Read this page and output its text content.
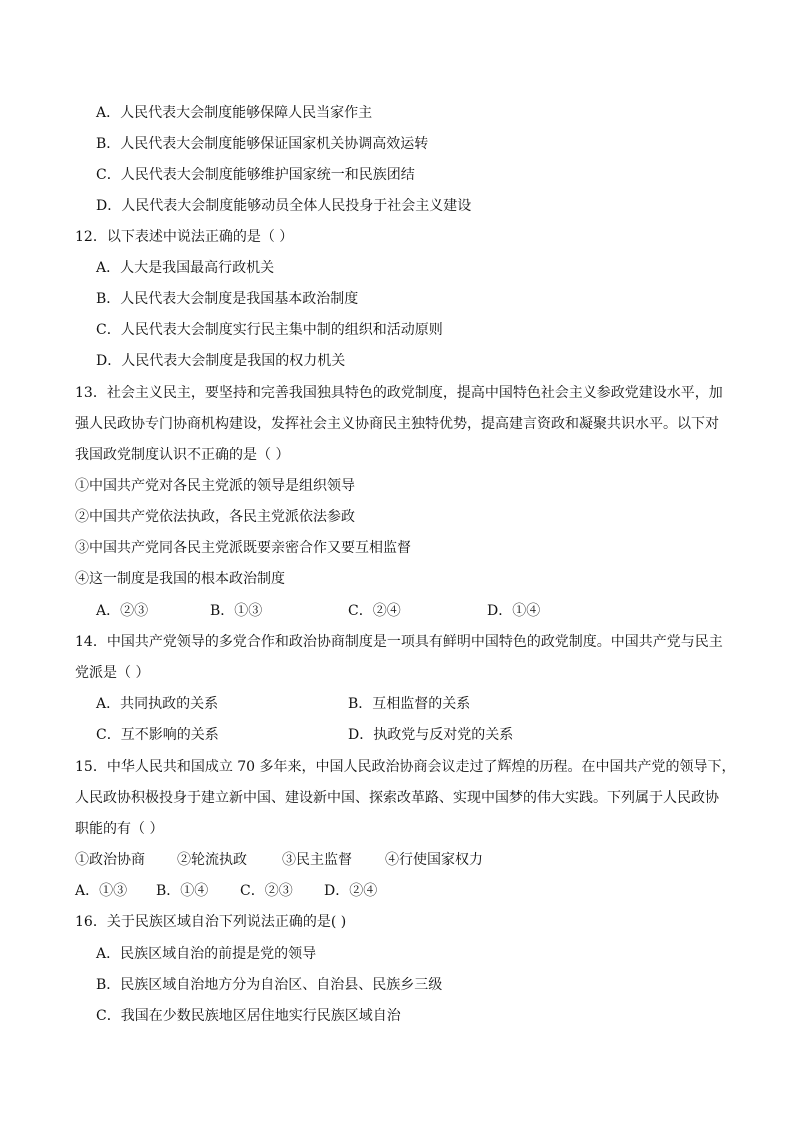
A．人民代表大会制度能够保障人民当家作主
B．人民代表大会制度能够保证国家机关协调高效运转
C．人民代表大会制度能够维护国家统一和民族团结
D．人民代表大会制度能够动员全体人民投身于社会主义建设
12．以下表述中说法正确的是（ ）
A．人大是我国最高行政机关
B．人民代表大会制度是我国基本政治制度
C．人民代表大会制度实行民主集中制的组织和活动原则
D．人民代表大会制度是我国的权力机关
13．社会主义民主，要坚持和完善我国独具特色的政党制度，提高中国特色社会主义参政党建设水平，加
强人民政协专门协商机构建设，发挥社会主义协商民主独特优势，提高建言资政和凝聚共识水平。以下对
我国政党制度认识不正确的是（ ）
①中国共产党对各民主党派的领导是组织领导
②中国共产党依法执政，各民主党派依法参政
③中国共产党同各民主党派既要亲密合作又要互相监督
④这一制度是我国的根本政治制度
A．②③	B．①③	C．②④	D．①④
14．中国共产党领导的多党合作和政治协商制度是一项具有鲜明中国特色的政党制度。中国共产党与民主
党派是（ ）
A．共同执政的关系	B．互相监督的关系
C．互不影响的关系	D．执政党与反对党的关系
15．中华人民共和国成立 70 多年来，中国人民政治协商会议走过了辉煌的历程。在中国共产党的领导下，
人民政协积极投身于建立新中国、建设新中国、探索改革路、实现中国梦的伟大实践。下列属于人民政协
职能的有（ ）
①政治协商 ②轮流执政	③民主监督 ④行使国家权力
A．①③ B．①④ C．②③ D．②④
16．关于民族区域自治下列说法正确的是( )
A．民族区域自治的前提是党的领导
B．民族区域自治地方分为自治区、自治县、民族乡三级
C．我国在少数民族地区居住地实行民族区域自治
